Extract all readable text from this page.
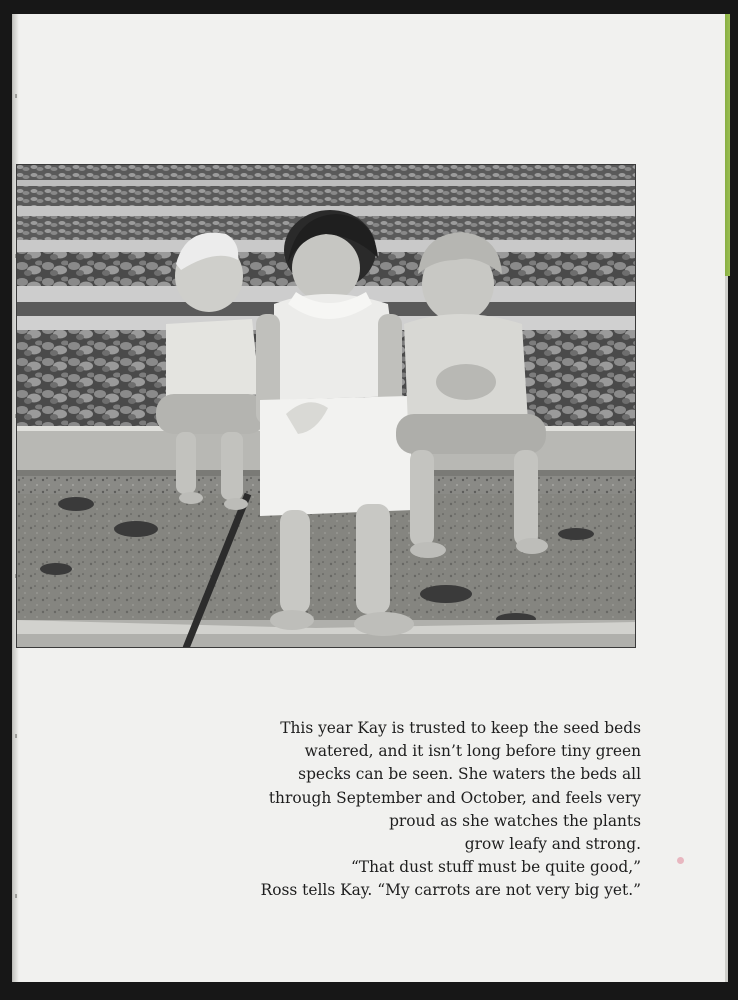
This year Kay is trusted to keep the seed beds
watered, and it isn’t long before tiny green
specks can be seen. She waters the beds all
through September and October, and feels very
proud as she watches the plants
grow leafy and strong.
“That dust stuff must be quite good,”
Ross tells Kay. “My carrots are not very big yet.”
